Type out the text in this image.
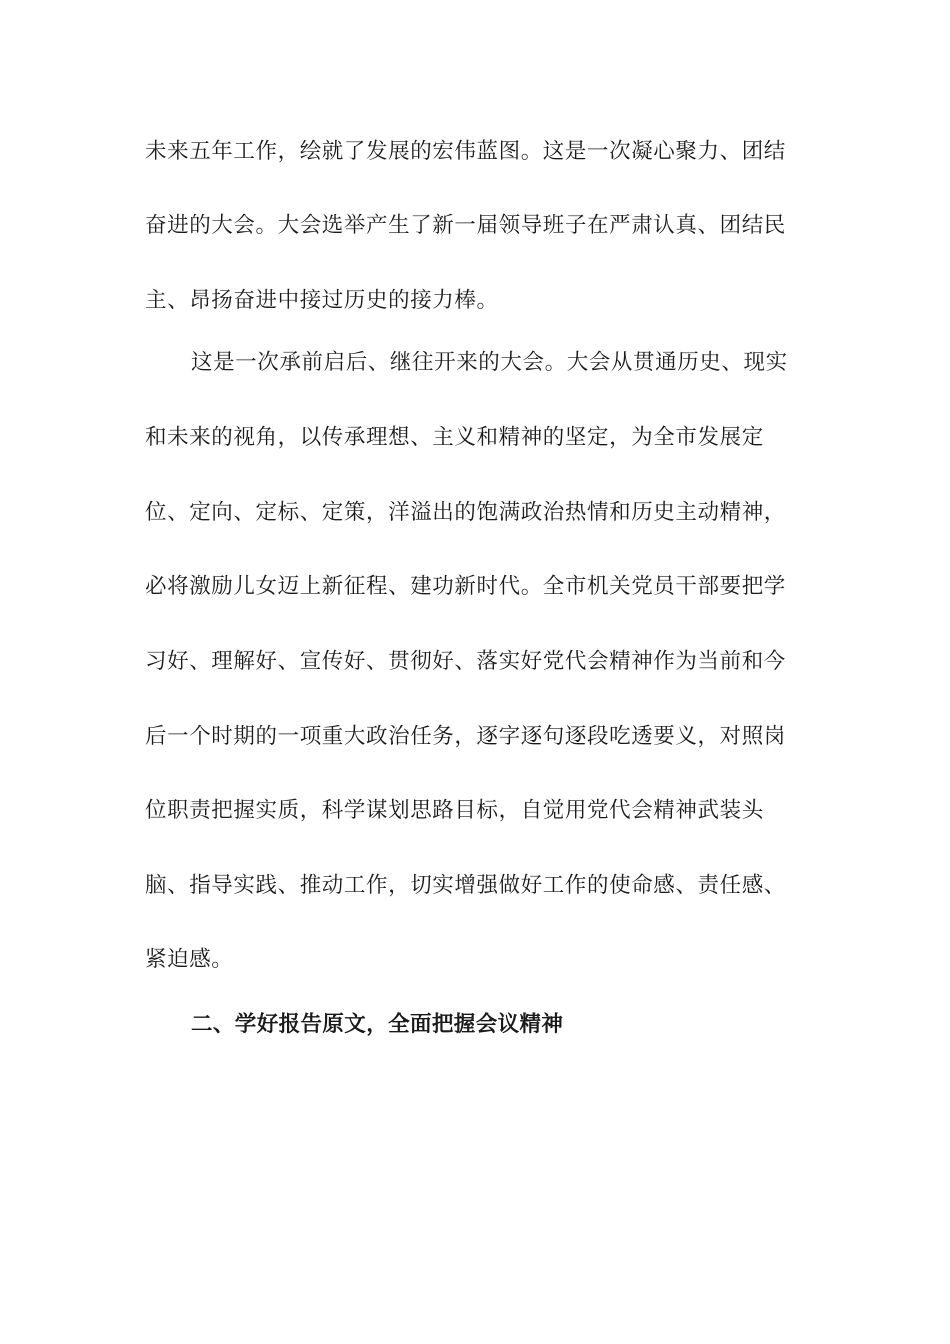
未来五年工作，绘就了发展的宏伟蓝图。这是一次凝心聚力、团结
奋进的大会。大会选举产生了新一届领导班子在严肃认真、团结民
主、昂扬奋进中接过历史的接力棒。
这是一次承前启后、继往开来的大会。大会从贯通历史、现实
和未来的视角，以传承理想、主义和精神的坚定，为全市发展定
位、定向、定标、定策，洋溢出的饱满政治热情和历史主动精神，
必将激励儿女迈上新征程、建功新时代。全市机关党员干部要把学
习好、理解好、宣传好、贯彻好、落实好党代会精神作为当前和今
后一个时期的一项重大政治任务，逐字逐句逐段吃透要义，对照岗
位职责把握实质，科学谋划思路目标，自觉用党代会精神武装头
脑、指导实践、推动工作，切实增强做好工作的使命感、责任感、
紧迫感。
二、学好报告原文，全面把握会议精神
